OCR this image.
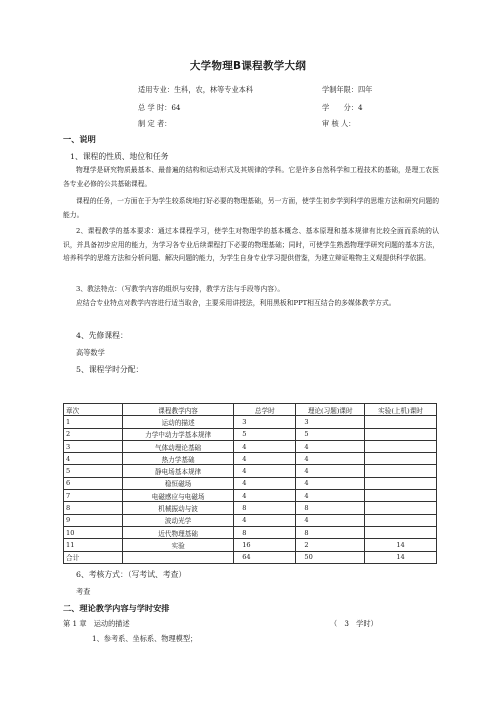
大学物理B课程教学大纲
适用专业：生科，农，林等专业本科	学制年限：四年
总 学 时：64	学　　分：4
制 定 者：	审 核 人：
一、说明
1、课程的性质、地位和任务
物理学是研究物质最基本、最普遍的结构和运动形式及其规律的学科。它是许多自然科学和工程技术的基础，是理工农医各专业必修的公共基础课程。
课程的任务，一方面在于为学生较系统地打好必要的物理基础，另一方面，使学生初步学到科学的思维方法和研究问题的能力。
2、课程教学的基本要求：通过本课程学习，使学生对物理学的基本概念、基本原理和基本规律有比较全面而系统的认识，并具备初步应用的能力，为学习各专业后续课程打下必要的物理基础；同时，可使学生熟悉物理学研究问题的基本方法，培养科学的思维方法和分析问题、解决问题的能力，为学生自身专业学习提供借鉴，为建立辩证唯物主义观提供科学依据。
3、教法特点：（写教学内容的组织与安排，教学方法与手段等内容）。
应结合专业特点对教学内容进行适当取舍，主要采用讲授法，利用黑板和PPT相互结合的多媒体教学方式。
4、先修课程：
高等数学
5、课程学时分配：
章次	课程教学内容	总学时	理论(习题)课时	实验(上机)课时
1	运动的描述	3	3	
2	力学中动力学基本规律	5	5	
3	气体动理论基础	4	4	
4	热力学基础	4	4	
5	静电场基本规律	4	4	
6	稳恒磁场	4	4	
7	电磁感应与电磁场	4	4	
8	机械振动与波	8	8	
9	波动光学	4	4	
10	近代物理基础	8	8	
11	实验	16	2	14
合计		64	50	14
6、考核方式：（写考试、考查）
考查
二、理论教学内容与学时安排
第 1 章　运动的描述	（　3　学时）
1、参考系、坐标系、物理模型；
